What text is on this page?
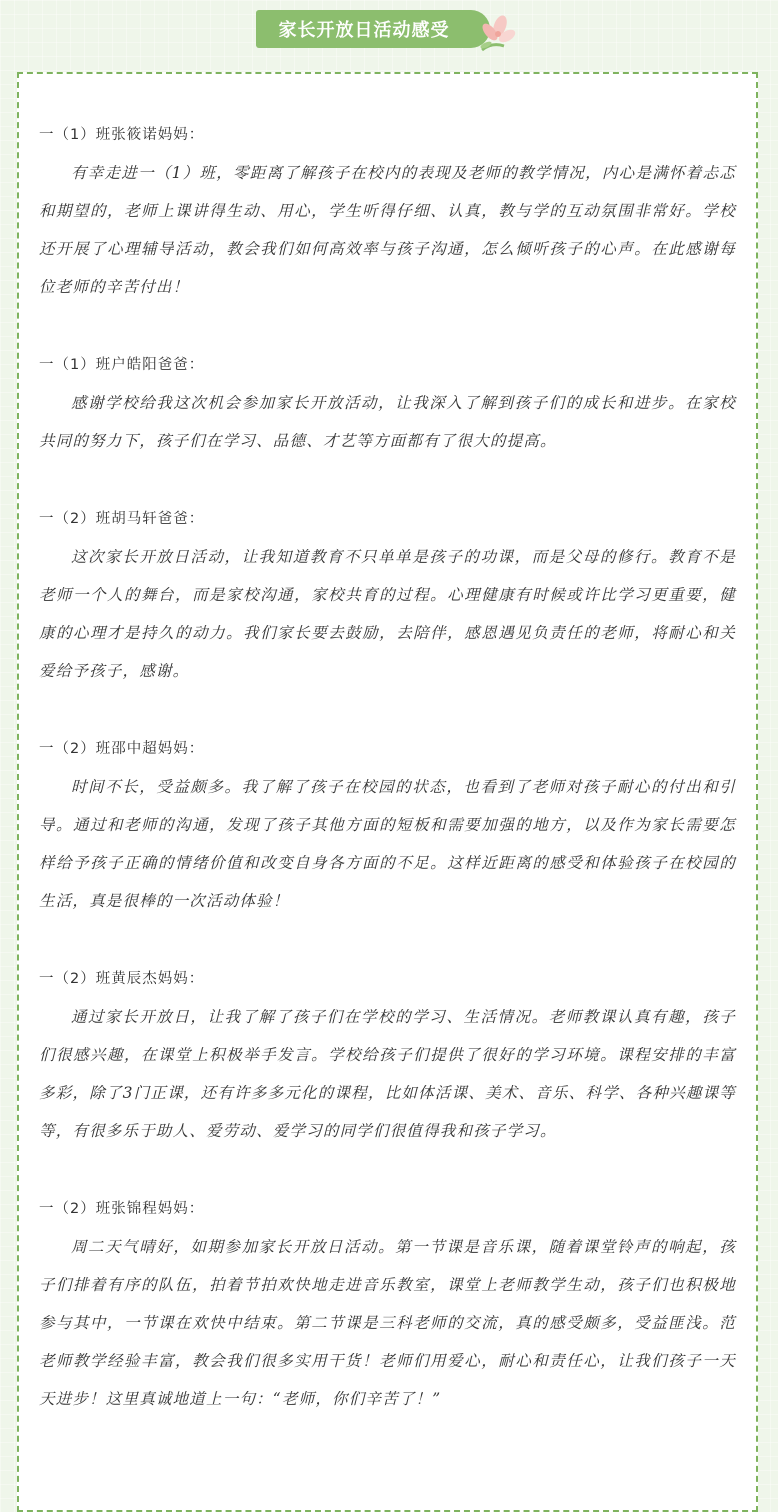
家长开放日活动感受

一（1）班张筱诺妈妈：

有幸走进一（1）班，零距离了解孩子在校内的表现及老师的教学情况，内心是满怀着忐忑和期望的，老师上课讲得生动、用心，学生听得仔细、认真，教与学的互动氛围非常好。学校还开展了心理辅导活动，教会我们如何高效率与孩子沟通，怎么倾听孩子的心声。在此感谢每位老师的辛苦付出！

一（1）班户皓阳爸爸：

感谢学校给我这次机会参加家长开放活动，让我深入了解到孩子们的成长和进步。在家校共同的努力下，孩子们在学习、品德、才艺等方面都有了很大的提高。

一（2）班胡马轩爸爸：

这次家长开放日活动，让我知道教育不只单单是孩子的功课，而是父母的修行。教育不是老师一个人的舞台，而是家校沟通，家校共育的过程。心理健康有时候或许比学习更重要，健康的心理才是持久的动力。我们家长要去鼓励，去陪伴，感恩遇见负责任的老师，将耐心和关爱给予孩子，感谢。

一（2）班邵中超妈妈：

时间不长，受益颇多。我了解了孩子在校园的状态，也看到了老师对孩子耐心的付出和引导。通过和老师的沟通，发现了孩子其他方面的短板和需要加强的地方，以及作为家长需要怎样给予孩子正确的情绪价值和改变自身各方面的不足。这样近距离的感受和体验孩子在校园的生活，真是很棒的一次活动体验！

一（2）班黄辰杰妈妈：

通过家长开放日，让我了解了孩子们在学校的学习、生活情况。老师教课认真有趣，孩子们很感兴趣，在课堂上积极举手发言。学校给孩子们提供了很好的学习环境。课程安排的丰富多彩，除了3门正课，还有许多多元化的课程，比如体活课、美术、音乐、科学、各种兴趣课等等，有很多乐于助人、爱劳动、爱学习的同学们很值得我和孩子学习。

一（2）班张锦程妈妈：

周二天气晴好，如期参加家长开放日活动。第一节课是音乐课，随着课堂铃声的响起，孩子们排着有序的队伍，拍着节拍欢快地走进音乐教室，课堂上老师教学生动，孩子们也积极地参与其中，一节课在欢快中结束。第二节课是三科老师的交流，真的感受颇多，受益匪浅。范老师教学经验丰富，教会我们很多实用干货！老师们用爱心，耐心和责任心，让我们孩子一天天进步！这里真诚地道上一句：“老师，你们辛苦了！”
